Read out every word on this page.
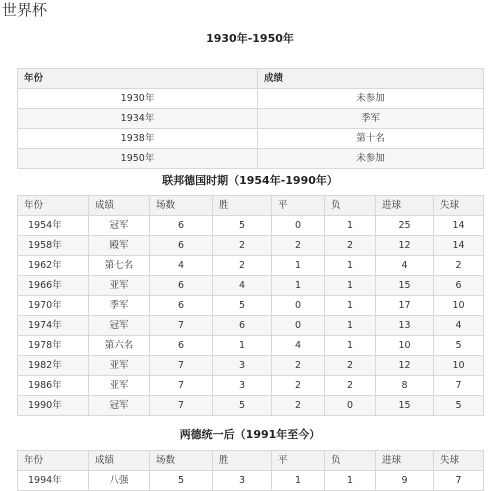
世界杯
1930年-1950年
年份	成绩
1930年	未参加
1934年	季军
1938年	第十名
1950年	未参加
联邦德国时期（1954年-1990年）
年份	成绩	场数	胜	平	负	进球	失球
1954年	冠军	6	5	0	1	25	14
1958年	殿军	6	2	2	2	12	14
1962年	第七名	4	2	1	1	4	2
1966年	亚军	6	4	1	1	15	6
1970年	季军	6	5	0	1	17	10
1974年	冠军	7	6	0	1	13	4
1978年	第六名	6	1	4	1	10	5
1982年	亚军	7	3	2	2	12	10
1986年	亚军	7	3	2	2	8	7
1990年	冠军	7	5	2	0	15	5
两德统一后（1991年至今）
年份	成绩	场数	胜	平	负	进球	失球
1994年	八强	5	3	1	1	9	7
